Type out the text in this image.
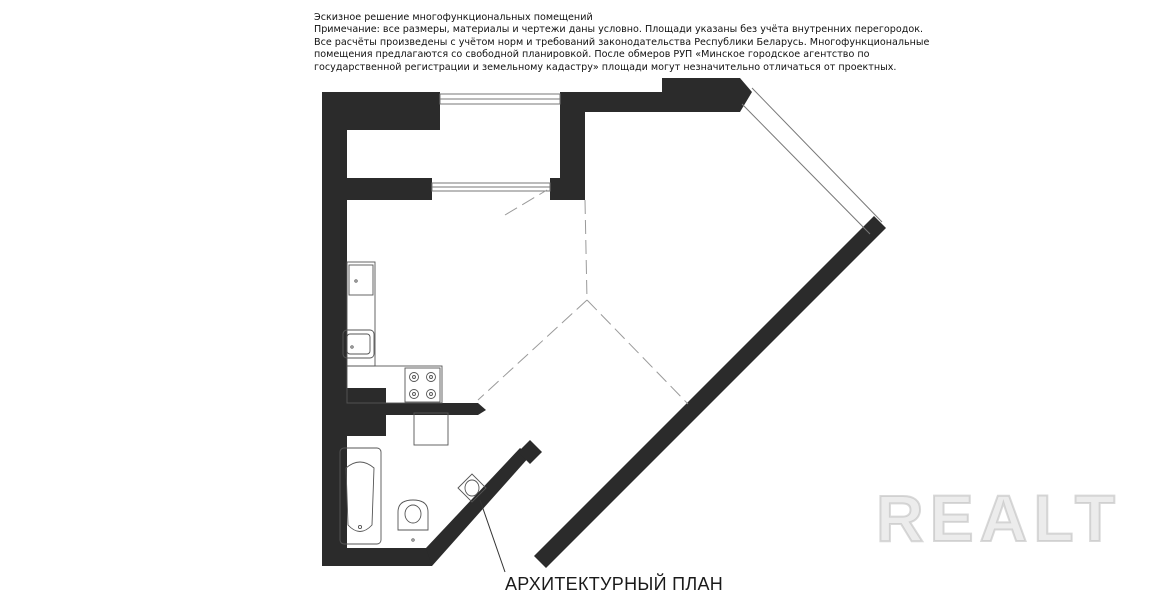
Эскизное решение многофункциональных помещений
Примечание: все размеры, материалы и чертежи даны условно. Площади указаны без учёта внутренних перегородок.
Все расчёты произведены с учётом норм и требований законодательства Республики Беларусь. Многофункциональные
помещения предлагаются со свободной планировкой. После обмеров РУП «Минское городское агентство по
государственной регистрации и земельному кадастру» площади могут незначительно отличаться от проектных.
АРХИТЕКТУРНЫЙ ПЛАН
REALT
